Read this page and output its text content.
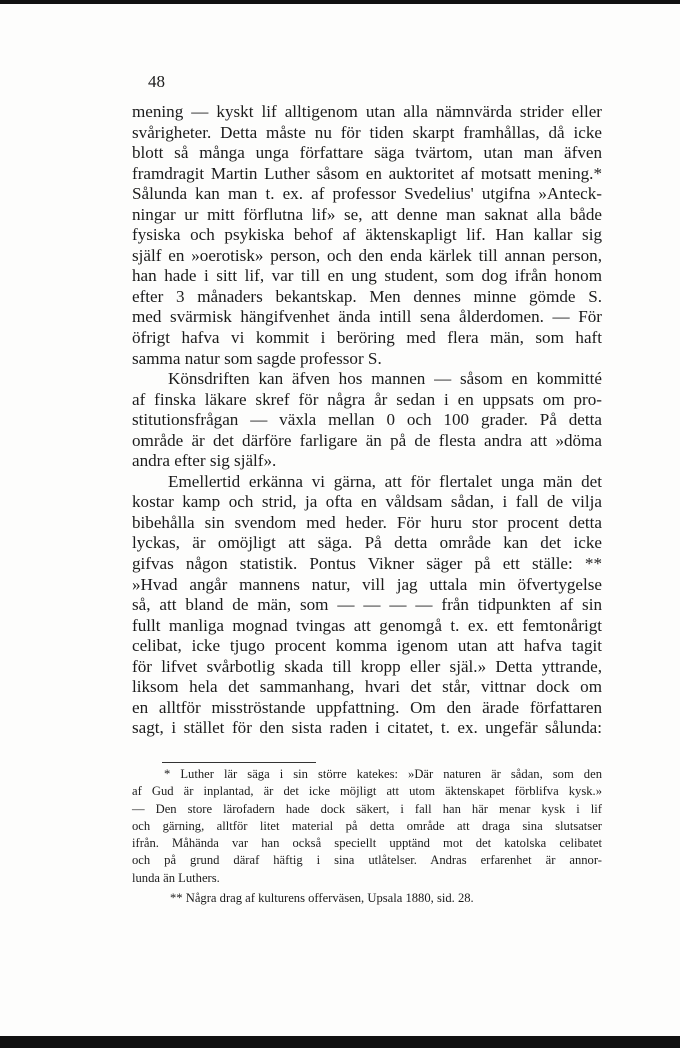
48
mening — kyskt lif alltigenom utan alla nämnvärda strider eller
svårigheter. Detta måste nu för tiden skarpt framhållas, då icke
blott så många unga författare säga tvärtom, utan man äfven
framdragit Martin Luther såsom en auktoritet af motsatt mening.*
Sålunda kan man t. ex. af professor Svedelius' utgifna »Anteck-
ningar ur mitt förflutna lif» se, att denne man saknat alla både
fysiska och psykiska behof af äktenskapligt lif. Han kallar sig
själf en »oerotisk» person, och den enda kärlek till annan person,
han hade i sitt lif, var till en ung student, som dog ifrån honom
efter 3 månaders bekantskap. Men dennes minne gömde S.
med svärmisk hängifvenhet ända intill sena ålderdomen. — För
öfrigt hafva vi kommit i beröring med flera män, som haft
samma natur som sagde professor S.
Könsdriften kan äfven hos mannen — såsom en kommitté
af finska läkare skref för några år sedan i en uppsats om pro-
stitutionsfrågan — växla mellan 0 och 100 grader. På detta
område är det därföre farligare än på de flesta andra att »döma
andra efter sig själf».
Emellertid erkänna vi gärna, att för flertalet unga män det
kostar kamp och strid, ja ofta en våldsam sådan, i fall de vilja
bibehålla sin svendom med heder. För huru stor procent detta
lyckas, är omöjligt att säga. På detta område kan det icke
gifvas någon statistik. Pontus Vikner säger på ett ställe: **
»Hvad angår mannens natur, vill jag uttala min öfvertygelse
så, att bland de män, som — — — — från tidpunkten af sin
fullt manliga mognad tvingas att genomgå t. ex. ett femtonårigt
celibat, icke tjugo procent komma igenom utan att hafva tagit
för lifvet svårbotlig skada till kropp eller själ.» Detta yttrande,
liksom hela det sammanhang, hvari det står, vittnar dock om
en alltför misströstande uppfattning. Om den ärade författaren
sagt, i stället för den sista raden i citatet, t. ex. ungefär sålunda:
* Luther lär säga i sin större katekes: »Där naturen är sådan, som den
af Gud är inplantad, är det icke möjligt att utom äktenskapet förblifva kysk.»
— Den store lärofadern hade dock säkert, i fall han här menar kysk i lif
och gärning, alltför litet material på detta område att draga sina slutsatser
ifrån. Måhända var han också speciellt upptänd mot det katolska celibatet
och på grund däraf häftig i sina utlåtelser. Andras erfarenhet är annor-
lunda än Luthers.
** Några drag af kulturens offerväsen, Upsala 1880, sid. 28.
